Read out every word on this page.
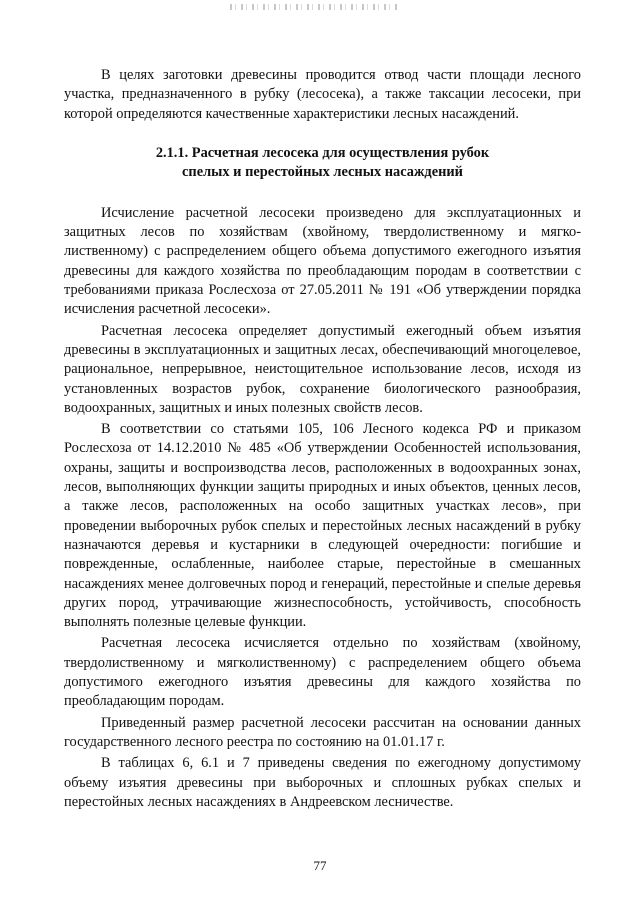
В целях заготовки древесины проводится отвод части площади лесного участка, предназначенного в рубку (лесосека), а также таксации лесосеки, при которой определяются качественные характеристики лесных насаждений.

2.1.1. Расчетная лесосека для осуществления рубок
спелых и перестойных лесных насаждений

Исчисление расчетной лесосеки произведено для эксплуатационных и защитных лесов по хозяйствам (хвойному, твердолиственному и мягко-лиственному) с распределением общего объема допустимого ежегодного изъятия древесины для каждого хозяйства по преобладающим породам в соответствии с требованиями приказа Рослесхоза от 27.05.2011 № 191 «Об утверждении порядка исчисления расчетной лесосеки».

Расчетная лесосека определяет допустимый ежегодный объем изъятия древесины в эксплуатационных и защитных лесах, обеспечивающий многоцелевое, рациональное, непрерывное, неистощительное использование лесов, исходя из установленных возрастов рубок, сохранение биологического разнообразия, водоохранных, защитных и иных полезных свойств лесов.

В соответствии со статьями 105, 106 Лесного кодекса РФ и приказом Рослесхоза от 14.12.2010 № 485 «Об утверждении Особенностей использования, охраны, защиты и воспроизводства лесов, расположенных в водоохранных зонах, лесов, выполняющих функции защиты природных и иных объектов, ценных лесов, а также лесов, расположенных на особо защитных участках лесов», при проведении выборочных рубок спелых и перестойных лесных насаждений в рубку назначаются деревья и кустарники в следующей очередности: погибшие и поврежденные, ослабленные, наиболее старые, перестойные в смешанных насаждениях менее долговечных пород и генераций, перестойные и спелые деревья других пород, утрачивающие жизнеспособность, устойчивость, способность выполнять полезные целевые функции.

Расчетная лесосека исчисляется отдельно по хозяйствам (хвойному, твердолиственному и мягколиственному) с распределением общего объема допустимого ежегодного изъятия древесины для каждого хозяйства по преобладающим породам.

Приведенный размер расчетной лесосеки рассчитан на основании данных государственного лесного реестра по состоянию на 01.01.17 г.

В таблицах 6, 6.1 и 7 приведены сведения по ежегодному допустимому объему изъятия древесины при выборочных и сплошных рубках спелых и перестойных лесных насаждениях в Андреевском лесничестве.

77
